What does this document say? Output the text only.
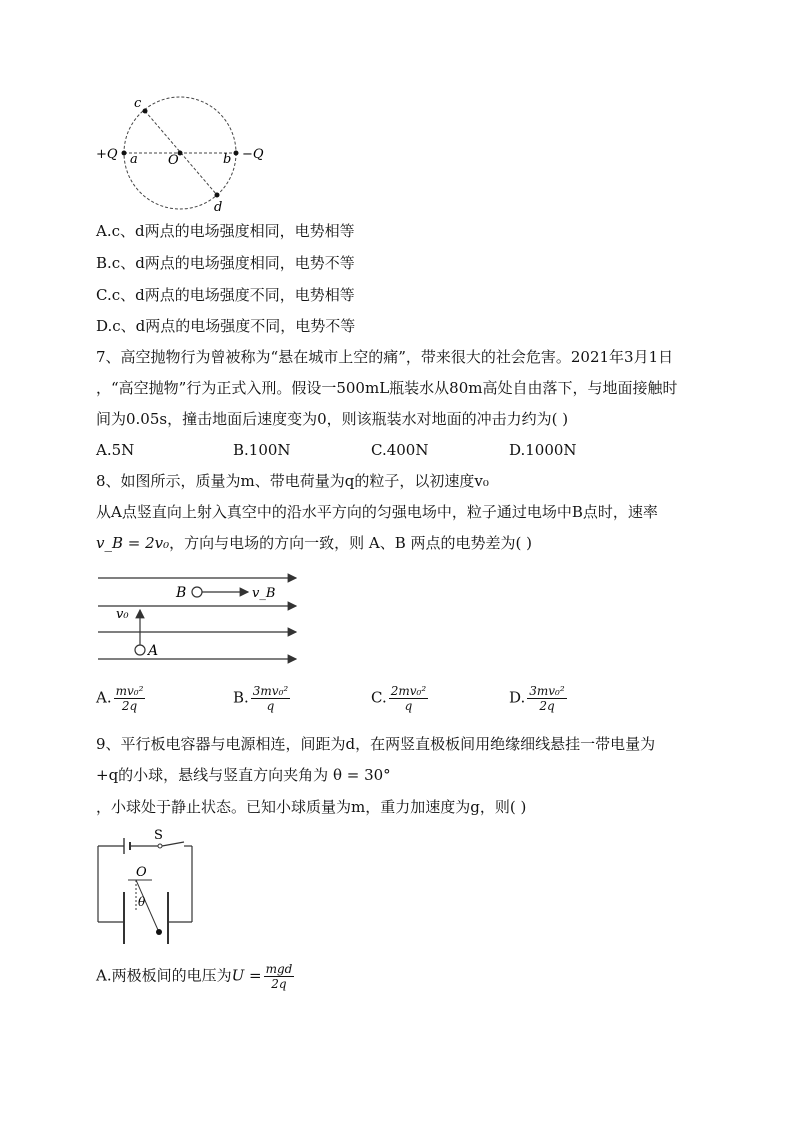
+Q a O	b −Q
c
d
A.c、d两点的电场强度相同，电势相等
B.c、d两点的电场强度相同，电势不等
C.c、d两点的电场强度不同，电势相等
D.c、d两点的电场强度不同，电势不等
7、高空抛物行为曾被称为“悬在城市上空的痛”，带来很大的社会危害。2021年3月1日
，“高空抛物”行为正式入刑。假设一500mL瓶装水从80m高处自由落下，与地面接触时
间为0.05s，撞击地面后速度变为0，则该瓶装水对地面的冲击力约为( )
A.5N	B.100N	C.400N	D.1000N
8、如图所示，质量为m、带电荷量为q的粒子，以初速度v₀
从A点竖直向上射入真空中的沿水平方向的匀强电场中，粒子通过电场中B点时，速率
v_B = 2v₀，方向与电场的方向一致，则 A、B 两点的电势差为( )
B	v_B
v₀
A
A. $\frac{\text{mv₀²}}{2q}$	B. $\frac{\text{3mv₀²}}{q}$	C. $\frac{\text{2mv₀²}}{q}$	D. $\frac{\text{3mv₀²}}{2q}$
9、平行板电容器与电源相连，间距为d，在两竖直极板间用绝缘细线悬挂一带电量为
+q的小球，悬线与竖直方向夹角为 θ = 30°
，小球处于静止状态。已知小球质量为m，重力加速度为g，则( )
S
O
θ
A.两极板间的电压为$U = \frac{\text{mgd}}{2q}$
